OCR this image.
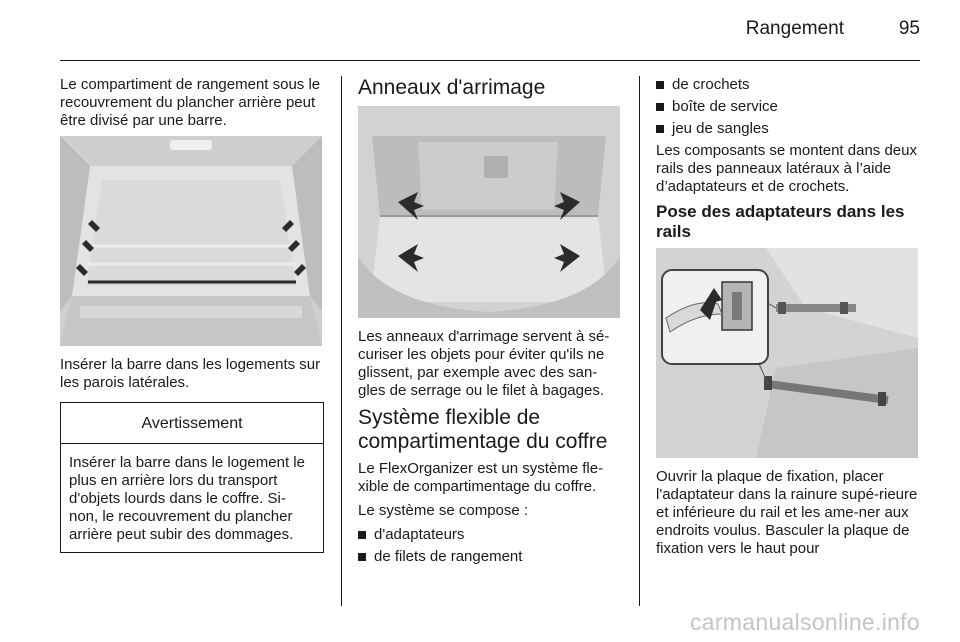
Rangement	95

Le compartiment de rangement sous le recouvrement du plancher arrière peut être divisé par une barre.

Insérer la barre dans les logements sur les parois latérales.

Avertissement
Insérer la barre dans le logement le plus en arrière lors du transport d'objets lourds dans le coffre. Si-non, le recouvrement du plancher arrière peut subir des dommages.
Anneaux d'arrimage

Les anneaux d'arrimage servent à sé-curiser les objets pour éviter qu'ils ne glissent, par exemple avec des san-gles de serrage ou le filet à bagages.

Système flexible de compartimentage du coffre

Le FlexOrganizer est un système fle-xible de compartimentage du coffre.

Le système se compose :

d'adaptateurs
de filets de rangement
de crochets
boîte de service
jeu de sangles

Les composants se montent dans deux rails des panneaux latéraux à l’aide d’adaptateurs et de crochets.

Pose des adaptateurs dans les rails

Ouvrir la plaque de fixation, placer l'adaptateur dans la rainure supé-rieure et inférieure du rail et les ame-ner aux endroits voulus. Basculer la plaque de fixation vers le haut pour

carmanualsonline.info
